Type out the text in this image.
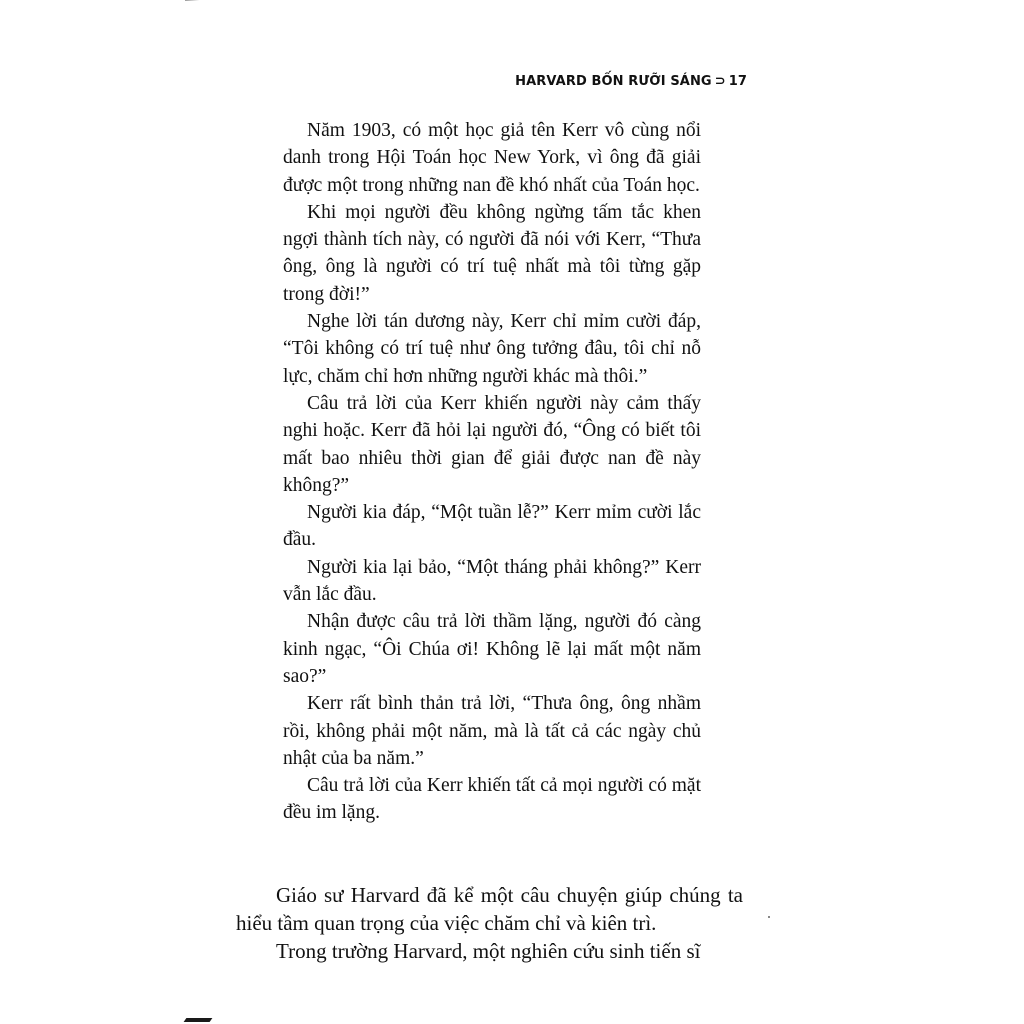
HARVARD BỐN RƯỠI SÁNG ⊃ 17

Năm 1903, có một học giả tên Kerr vô cùng nổi danh trong Hội Toán học New York, vì ông đã giải được một trong những nan đề khó nhất của Toán học.

Khi mọi người đều không ngừng tấm tắc khen ngợi thành tích này, có người đã nói với Kerr, “Thưa ông, ông là người có trí tuệ nhất mà tôi từng gặp trong đời!”

Nghe lời tán dương này, Kerr chỉ mỉm cười đáp, “Tôi không có trí tuệ như ông tưởng đâu, tôi chỉ nỗ lực, chăm chỉ hơn những người khác mà thôi.”

Câu trả lời của Kerr khiến người này cảm thấy nghi hoặc. Kerr đã hỏi lại người đó, “Ông có biết tôi mất bao nhiêu thời gian để giải được nan đề này không?”

Người kia đáp, “Một tuần lễ?” Kerr mỉm cười lắc đầu.

Người kia lại bảo, “Một tháng phải không?” Kerr vẫn lắc đầu.

Nhận được câu trả lời thầm lặng, người đó càng kinh ngạc, “Ôi Chúa ơi! Không lẽ lại mất một năm sao?”

Kerr rất bình thản trả lời, “Thưa ông, ông nhầm rồi, không phải một năm, mà là tất cả các ngày chủ nhật của ba năm.”

Câu trả lời của Kerr khiến tất cả mọi người có mặt đều im lặng.

Giáo sư Harvard đã kể một câu chuyện giúp chúng ta hiểu tầm quan trọng của việc chăm chỉ và kiên trì.

Trong trường Harvard, một nghiên cứu sinh tiến sĩ
